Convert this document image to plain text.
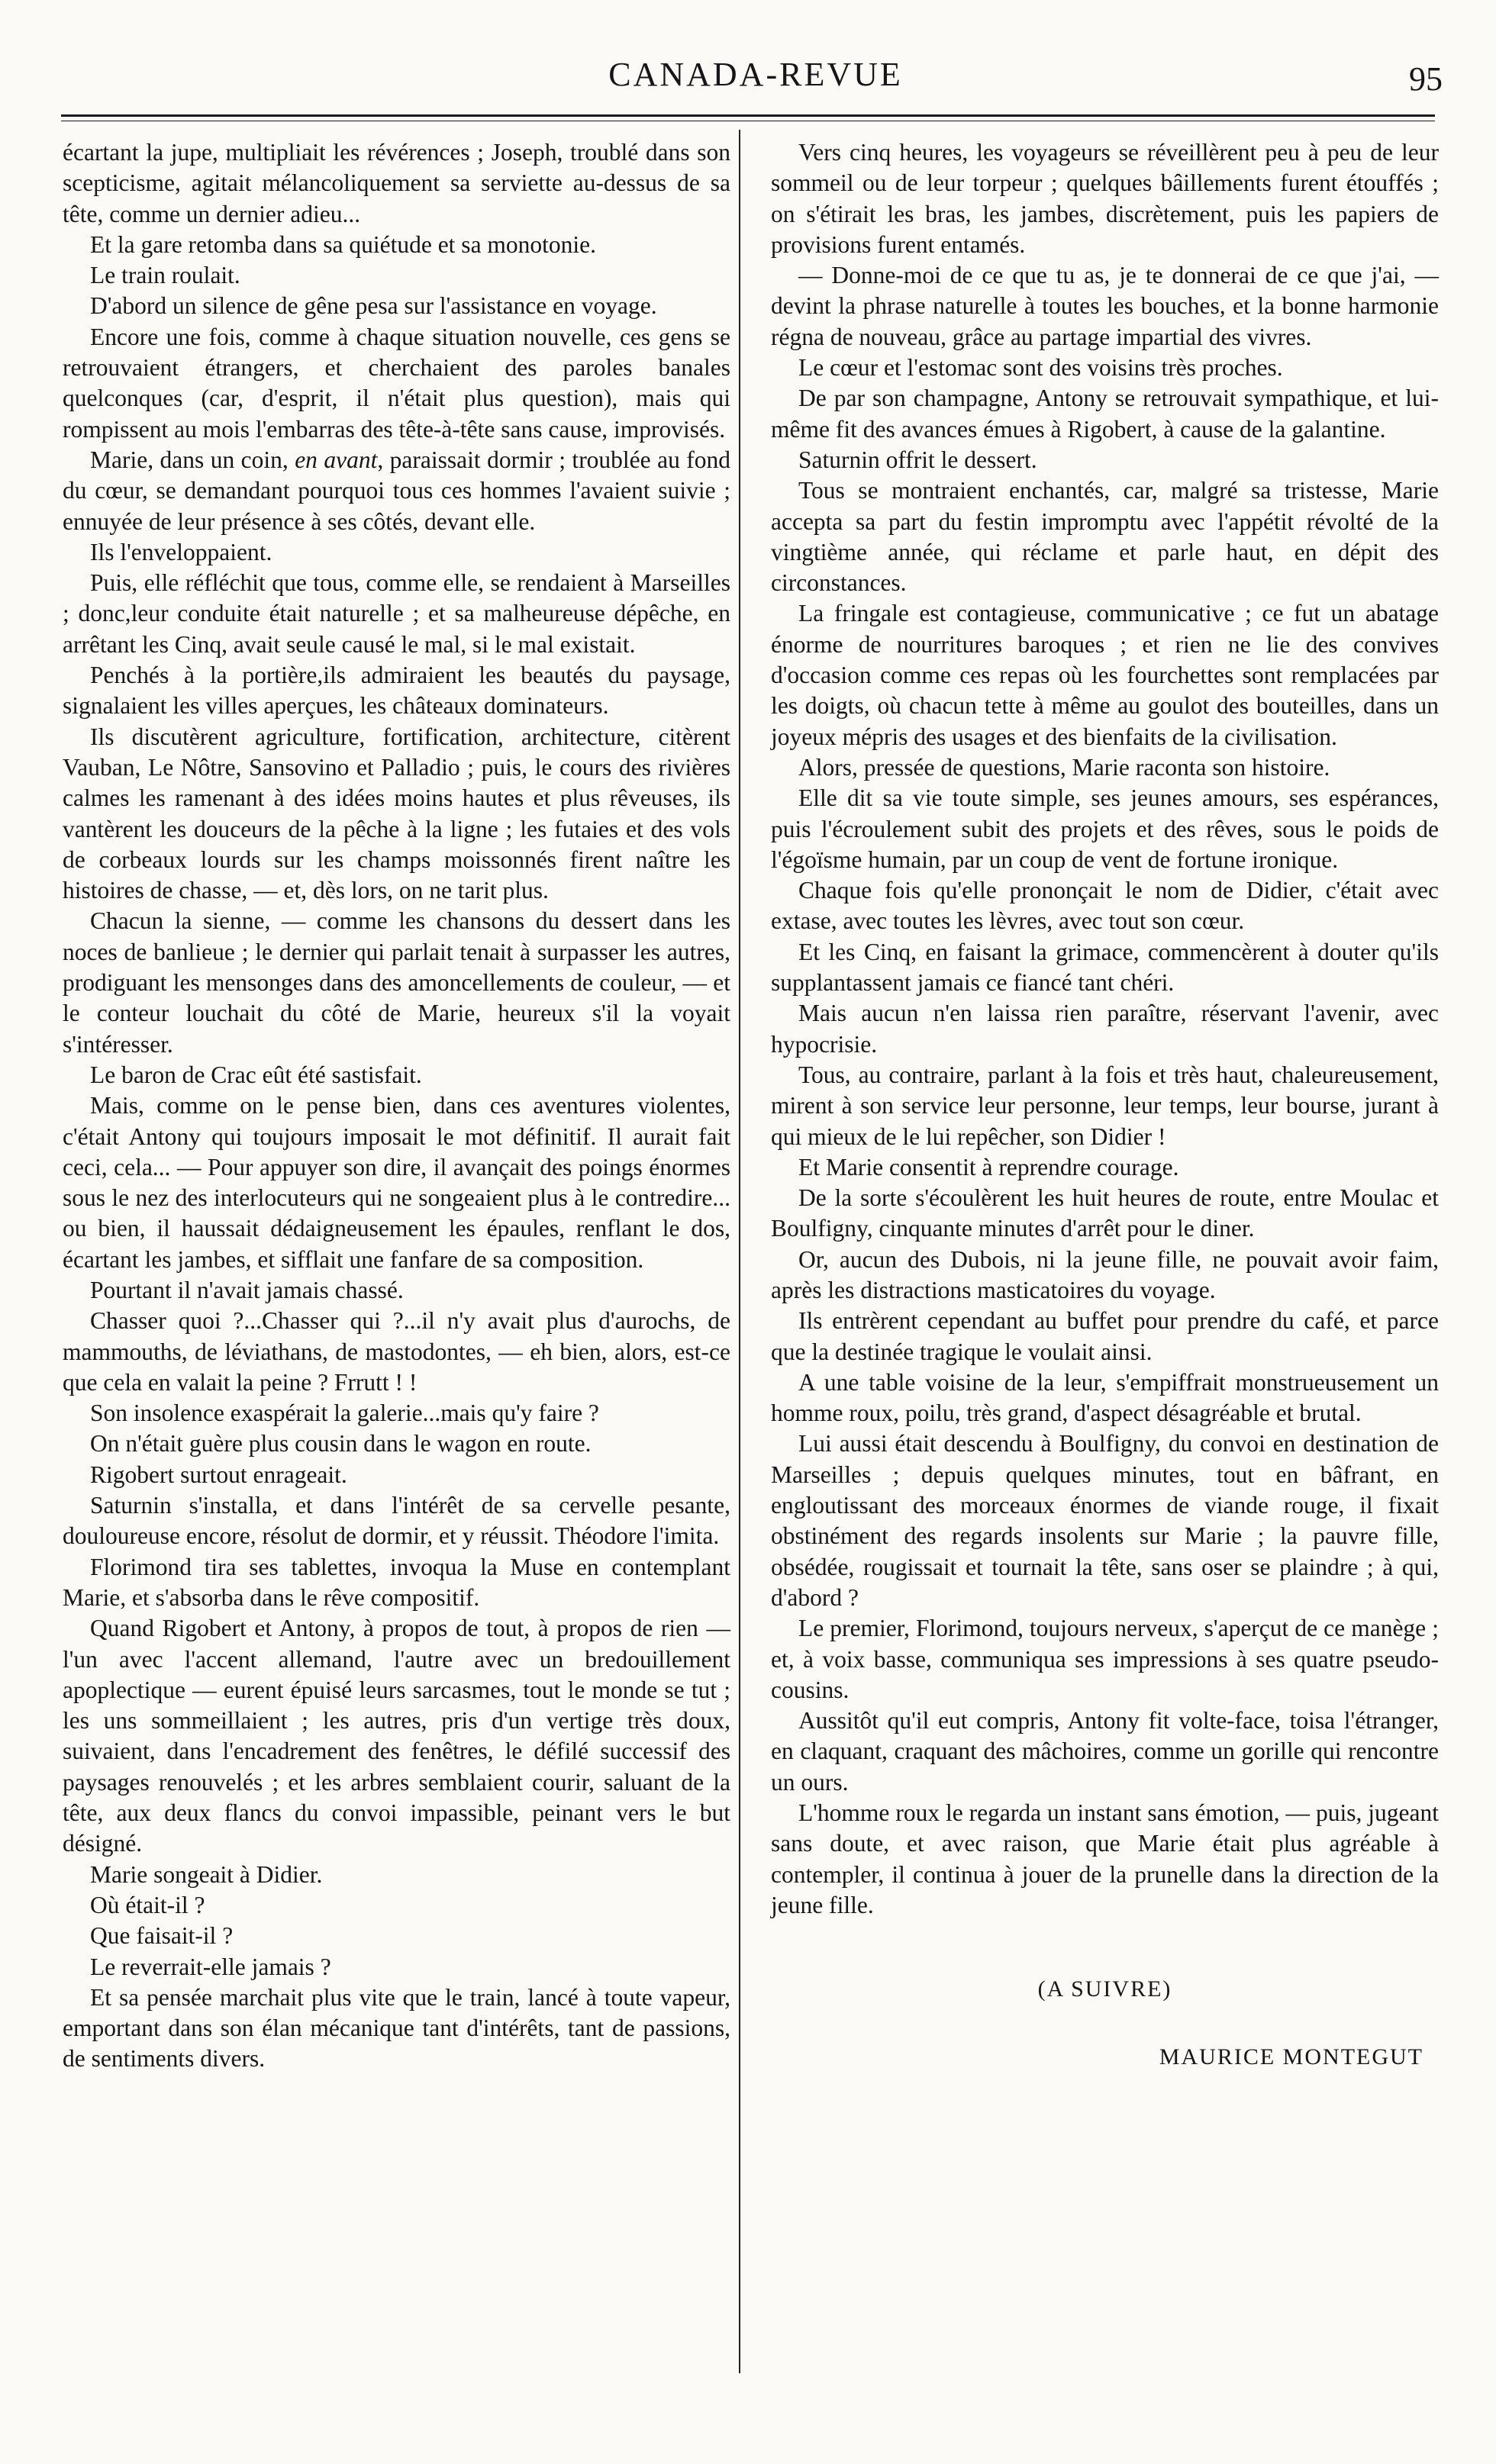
CANADA-REVUE	95

écartant la jupe, multipliait les révérences ; Joseph, troublé dans son scepticisme, agitait mélancoliquement sa serviette au-dessus de sa tête, comme un dernier adieu...

Et la gare retomba dans sa quiétude et sa monotonie.

Le train roulait.

D'abord un silence de gêne pesa sur l'assistance en voyage.

Encore une fois, comme à chaque situation nouvelle, ces gens se retrouvaient étrangers, et cherchaient des paroles banales quelconques (car, d'esprit, il n'était plus question), mais qui rompissent au mois l'embarras des tête-à-tête sans cause, improvisés.

Marie, dans un coin, en avant, paraissait dormir ; troublée au fond du cœur, se demandant pourquoi tous ces hommes l'avaient suivie ; ennuyée de leur présence à ses côtés, devant elle.

Ils l'enveloppaient.

Puis, elle réfléchit que tous, comme elle, se rendaient à Marseilles ; donc,leur conduite était naturelle ; et sa malheureuse dépêche, en arrêtant les Cinq, avait seule causé le mal, si le mal existait.

Penchés à la portière,ils admiraient les beautés du paysage, signalaient les villes aperçues, les châteaux dominateurs.

Ils discutèrent agriculture, fortification, architecture, citèrent Vauban, Le Nôtre, Sansovino et Palladio ; puis, le cours des rivières calmes les ramenant à des idées moins hautes et plus rêveuses, ils vantèrent les douceurs de la pêche à la ligne ; les futaies et des vols de corbeaux lourds sur les champs moissonnés firent naître les histoires de chasse, — et, dès lors, on ne tarit plus.

Chacun la sienne, — comme les chansons du dessert dans les noces de banlieue ; le dernier qui parlait tenait à surpasser les autres, prodiguant les mensonges dans des amoncellements de couleur, — et le conteur louchait du côté de Marie, heureux s'il la voyait s'intéresser.

Le baron de Crac eût été sastisfait.

Mais, comme on le pense bien, dans ces aventures violentes, c'était Antony qui toujours imposait le mot définitif. Il aurait fait ceci, cela... — Pour appuyer son dire, il avançait des poings énormes sous le nez des interlocuteurs qui ne songeaient plus à le contredire... ou bien, il haussait dédaigneusement les épaules, renflant le dos, écartant les jambes, et sifflait une fanfare de sa composition.

Pourtant il n'avait jamais chassé.

Chasser quoi ?...Chasser qui ?...il n'y avait plus d'aurochs, de mammouths, de léviathans, de mastodontes, — eh bien, alors, est-ce que cela en valait la peine ? Frrutt ! !

Son insolence exaspérait la galerie...mais qu'y faire ?

On n'était guère plus cousin dans le wagon en route.

Rigobert surtout enrageait.

Saturnin s'installa, et dans l'intérêt de sa cervelle pesante, douloureuse encore, résolut de dormir, et y réussit. Théodore l'imita.

Florimond tira ses tablettes, invoqua la Muse en contemplant Marie, et s'absorba dans le rêve compositif.

Quand Rigobert et Antony, à propos de tout, à propos de rien — l'un avec l'accent allemand, l'autre avec un bredouillement apoplectique — eurent épuisé leurs sarcasmes, tout le monde se tut ; les uns sommeillaient ; les autres, pris d'un vertige très doux, suivaient, dans l'encadrement des fenêtres, le défilé successif des paysages renouvelés ; et les arbres semblaient courir, saluant de la tête, aux deux flancs du convoi impassible, peinant vers le but désigné.

Marie songeait à Didier.

Où était-il ?

Que faisait-il ?

Le reverrait-elle jamais ?

Et sa pensée marchait plus vite que le train, lancé à toute vapeur, emportant dans son élan mécanique tant d'intérêts, tant de passions, de sentiments divers.

Vers cinq heures, les voyageurs se réveillèrent peu à peu de leur sommeil ou de leur torpeur ; quelques bâillements furent étouffés ; on s'étirait les bras, les jambes, discrètement, puis les papiers de provisions furent entamés.

— Donne-moi de ce que tu as, je te donnerai de ce que j'ai, — devint la phrase naturelle à toutes les bouches, et la bonne harmonie régna de nouveau, grâce au partage impartial des vivres.

Le cœur et l'estomac sont des voisins très proches.

De par son champagne, Antony se retrouvait sympathique, et lui-même fit des avances émues à Rigobert, à cause de la galantine.

Saturnin offrit le dessert.

Tous se montraient enchantés, car, malgré sa tristesse, Marie accepta sa part du festin impromptu avec l'appétit révolté de la vingtième année, qui réclame et parle haut, en dépit des circonstances.

La fringale est contagieuse, communicative ; ce fut un abatage énorme de nourritures baroques ; et rien ne lie des convives d'occasion comme ces repas où les fourchettes sont remplacées par les doigts, où chacun tette à même au goulot des bouteilles, dans un joyeux mépris des usages et des bienfaits de la civilisation.

Alors, pressée de questions, Marie raconta son histoire.

Elle dit sa vie toute simple, ses jeunes amours, ses espérances, puis l'écroulement subit des projets et des rêves, sous le poids de l'égoïsme humain, par un coup de vent de fortune ironique.

Chaque fois qu'elle prononçait le nom de Didier, c'était avec extase, avec toutes les lèvres, avec tout son cœur.

Et les Cinq, en faisant la grimace, commencèrent à douter qu'ils supplantassent jamais ce fiancé tant chéri.

Mais aucun n'en laissa rien paraître, réservant l'avenir, avec hypocrisie.

Tous, au contraire, parlant à la fois et très haut, chaleureusement, mirent à son service leur personne, leur temps, leur bourse, jurant à qui mieux de le lui repêcher, son Didier !

Et Marie consentit à reprendre courage.

De la sorte s'écoulèrent les huit heures de route, entre Moulac et Boulfigny, cinquante minutes d'arrêt pour le diner.

Or, aucun des Dubois, ni la jeune fille, ne pouvait avoir faim, après les distractions masticatoires du voyage.

Ils entrèrent cependant au buffet pour prendre du café, et parce que la destinée tragique le voulait ainsi.

A une table voisine de la leur, s'empiffrait monstrueusement un homme roux, poilu, très grand, d'aspect désagréable et brutal.

Lui aussi était descendu à Boulfigny, du convoi en destination de Marseilles ; depuis quelques minutes, tout en bâfrant, en engloutissant des morceaux énormes de viande rouge, il fixait obstinément des regards insolents sur Marie ; la pauvre fille, obsédée, rougissait et tournait la tête, sans oser se plaindre ; à qui, d'abord ?

Le premier, Florimond, toujours nerveux, s'aperçut de ce manège ; et, à voix basse, communiqua ses impressions à ses quatre pseudo-cousins.

Aussitôt qu'il eut compris, Antony fit volte-face, toisa l'étranger, en claquant, craquant des mâchoires, comme un gorille qui rencontre un ours.

L'homme roux le regarda un instant sans émotion, — puis, jugeant sans doute, et avec raison, que Marie était plus agréable à contempler, il continua à jouer de la prunelle dans la direction de la jeune fille.

(A SUIVRE)

MAURICE MONTEGUT
